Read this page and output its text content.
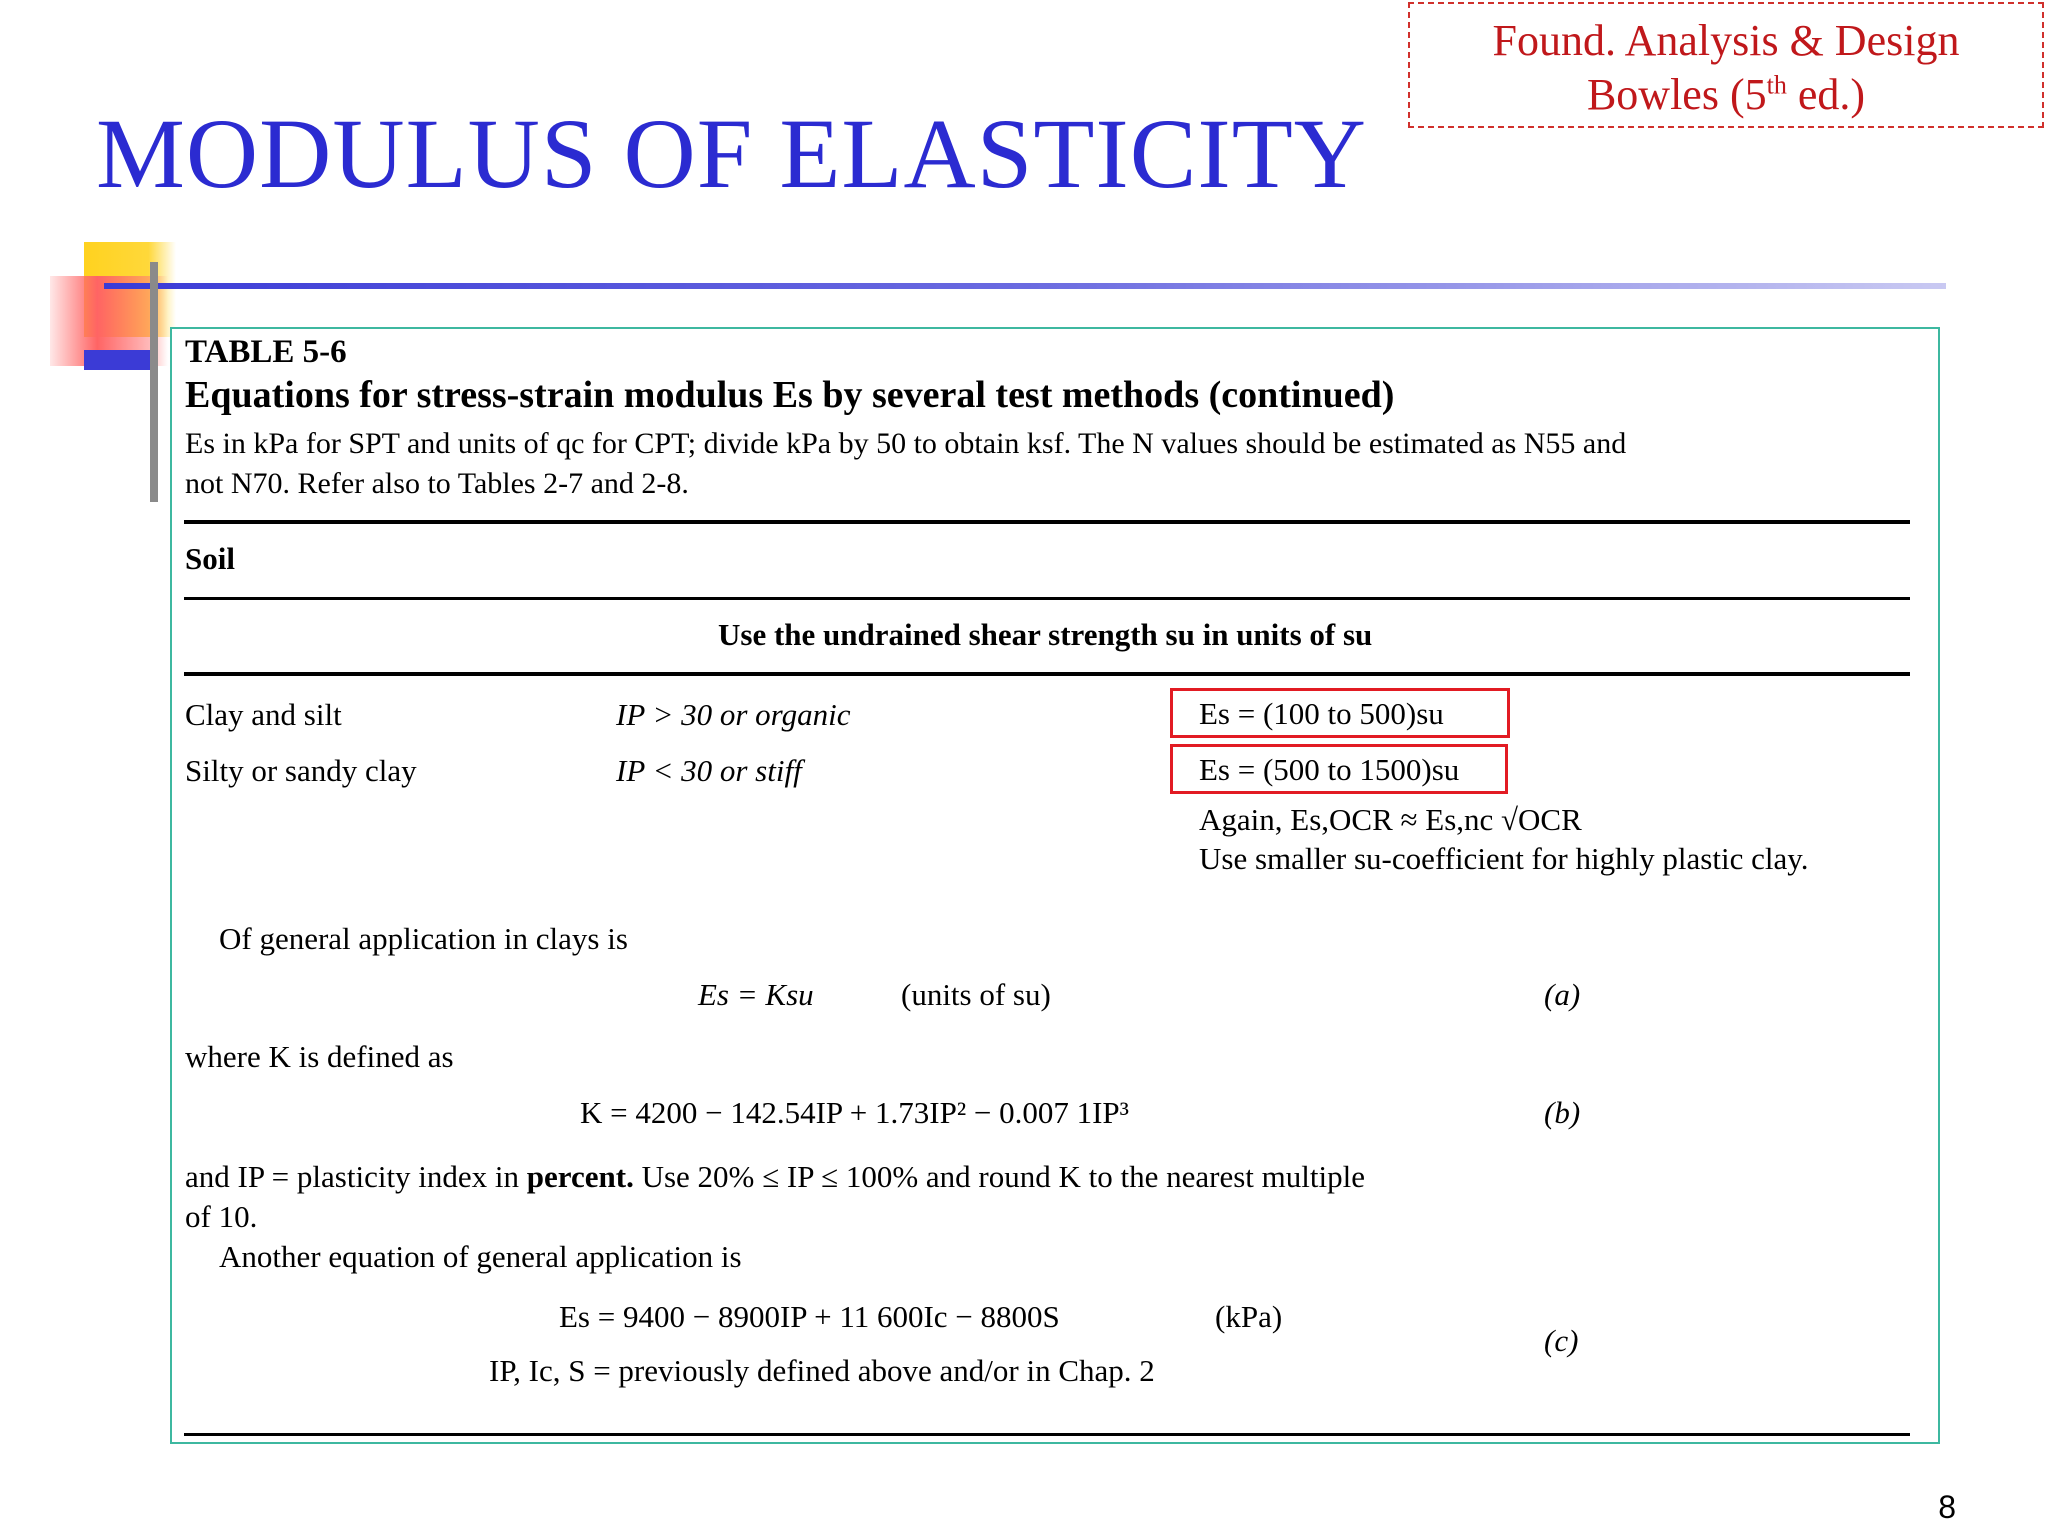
Found. Analysis & Design
Bowles (5th ed.)
MODULUS OF ELASTICITY
TABLE 5-6
Equations for stress-strain modulus Es by several test methods (continued)
Es in kPa for SPT and units of qc for CPT; divide kPa by 50 to obtain ksf. The N values should be estimated as N55 and
not N70. Refer also to Tables 2-7 and 2-8.
Soil
Use the undrained shear strength su in units of su
Clay and silt	IP > 30 or organic	Es = (100 to 500)su
Silty or sandy clay	IP < 30 or stiff	Es = (500 to 1500)su
Again, Es,OCR ≈ Es,nc √OCR
Use smaller su-coefficient for highly plastic clay.
Of general application in clays is
Es = Ksu	(units of su)	(a)
where K is defined as
K = 4200 − 142.54IP + 1.73IP² − 0.007 1IP³	(b)
and IP = plasticity index in percent. Use 20% ≤ IP ≤ 100% and round K to the nearest multiple
of 10.
Another equation of general application is
Es = 9400 − 8900IP + 11 600Ic − 8800S	(kPa)
IP, Ic, S = previously defined above and/or in Chap. 2
(c)
8
